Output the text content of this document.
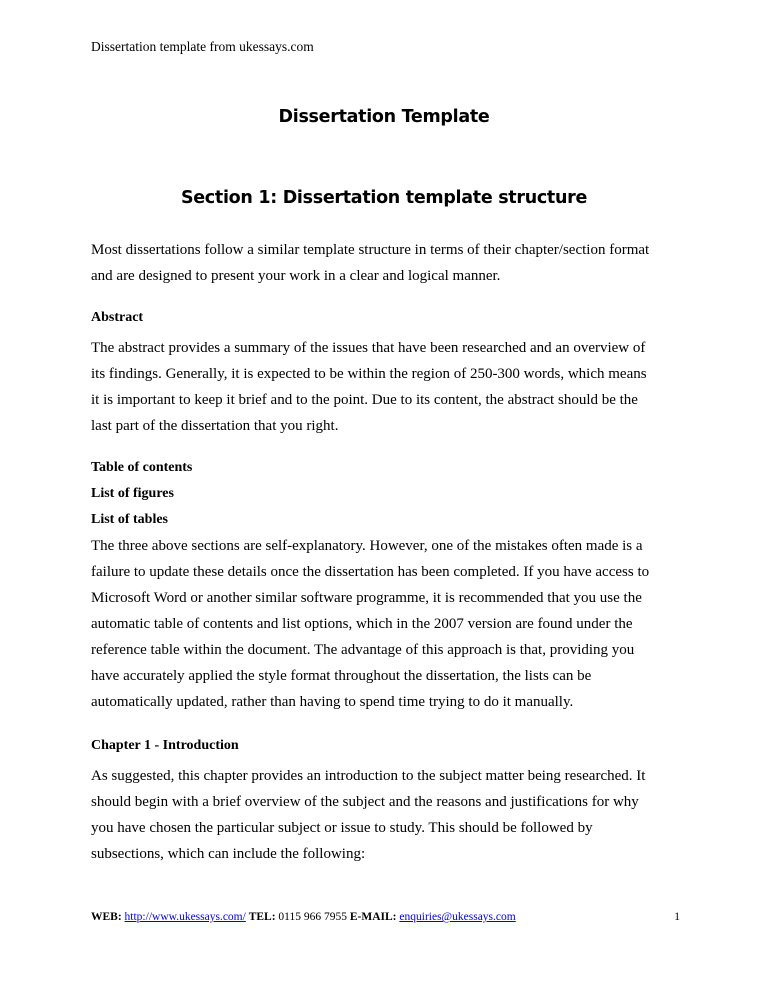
Dissertation template from ukessays.com
Dissertation Template
Section 1: Dissertation template structure

Most dissertations follow a similar template structure in terms of their chapter/section format

and are designed to present your work in a clear and logical manner.

Abstract

The abstract provides a summary of the issues that have been researched and an overview of

its findings. Generally, it is expected to be within the region of 250-300 words, which means

it is important to keep it brief and to the point. Due to its content, the abstract should be the

last part of the dissertation that you right.

Table of contents

List of figures

List of tables

The three above sections are self-explanatory. However, one of the mistakes often made is a

failure to update these details once the dissertation has been completed. If you have access to

Microsoft Word or another similar software programme, it is recommended that you use the

automatic table of contents and list options, which in the 2007 version are found under the

reference table within the document. The advantage of this approach is that, providing you

have accurately applied the style format throughout the dissertation, the lists can be

automatically updated, rather than having to spend time trying to do it manually.

Chapter 1 - Introduction

As suggested, this chapter provides an introduction to the subject matter being researched. It

should begin with a brief overview of the subject and the reasons and justifications for why

you have chosen the particular subject or issue to study. This should be followed by

subsections, which can include the following:

WEB: http://www.ukessays.com/ TEL: 0115 966 7955 E-MAIL: enquiries@ukessays.com	1
